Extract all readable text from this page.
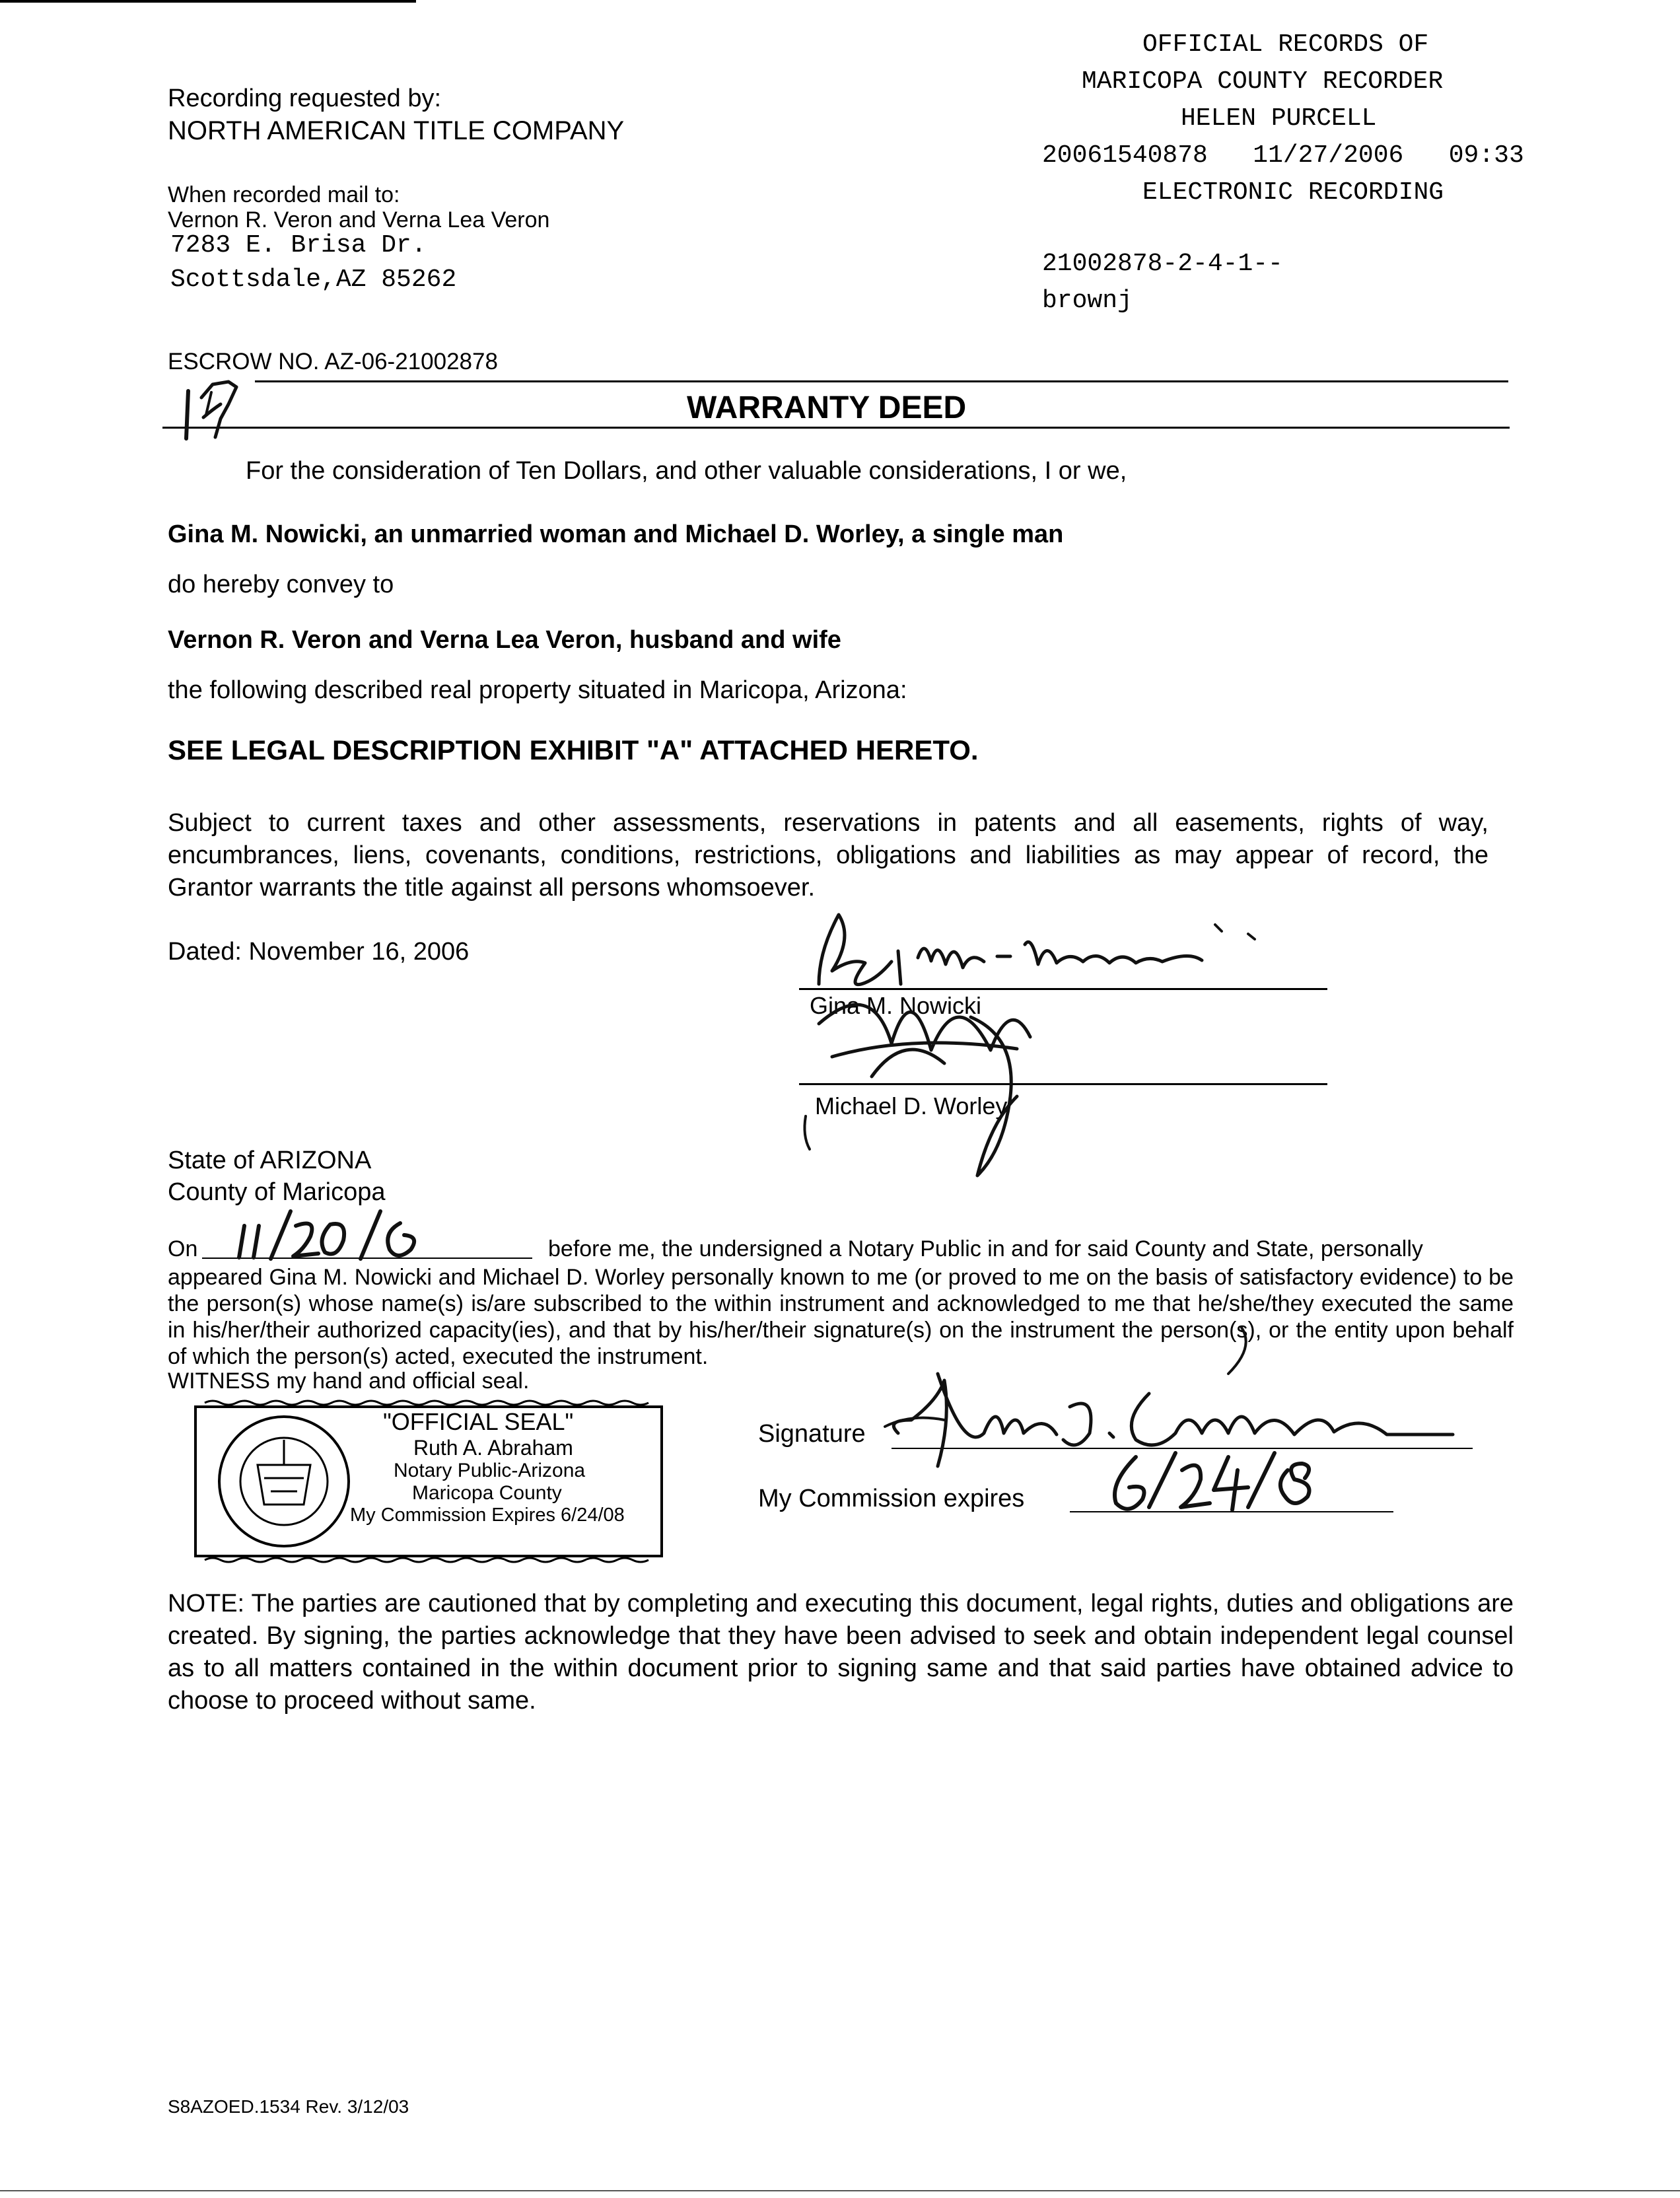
OFFICIAL RECORDS OF
MARICOPA COUNTY RECORDER
HELEN PURCELL
20061540878 11/27/2006 09:33
ELECTRONIC RECORDING
21002878-2-4-1--
brownj
Recording requested by:
NORTH AMERICAN TITLE COMPANY
When recorded mail to:
Vernon R. Veron and Verna Lea Veron
7283 E. Brisa Dr.
Scottsdale,AZ 85262
ESCROW NO. AZ-06-21002878
WARRANTY DEED
For the consideration of Ten Dollars, and other valuable considerations, I or we,
Gina M. Nowicki, an unmarried woman and Michael D. Worley, a single man
do hereby convey to
Vernon R. Veron and Verna Lea Veron, husband and wife
the following described real property situated in Maricopa, Arizona:
SEE LEGAL DESCRIPTION EXHIBIT "A" ATTACHED HERETO.
Subject to current taxes and other assessments, reservations in patents and all easements, rights of way, encumbrances, liens, covenants, conditions, restrictions, obligations and liabilities as may appear of record, the Grantor warrants the title against all persons whomsoever.
Dated: November 16, 2006
Gina M. Nowicki
Michael D. Worley
State of ARIZONA
County of Maricopa
On	before me, the undersigned a Notary Public in and for said County and State, personally
appeared Gina M. Nowicki and Michael D. Worley personally known to me (or proved to me on the basis of satisfactory evidence) to be the person(s) whose name(s) is/are subscribed to the within instrument and acknowledged to me that he/she/they executed the same in his/her/their authorized capacity(ies), and that by his/her/their signature(s) on the instrument the person(s), or the entity upon behalf of which the person(s) acted, executed the instrument.
WITNESS my hand and official seal.
"OFFICIAL SEAL"
Ruth A. Abraham
Notary Public-Arizona
Maricopa County
My Commission Expires 6/24/08
Signature
My Commission expires
NOTE: The parties are cautioned that by completing and executing this document, legal rights, duties and obligations are created. By signing, the parties acknowledge that they have been advised to seek and obtain independent legal counsel as to all matters contained in the within document prior to signing same and that said parties have obtained advice to choose to proceed without same.
S8AZOED.1534 Rev. 3/12/03
